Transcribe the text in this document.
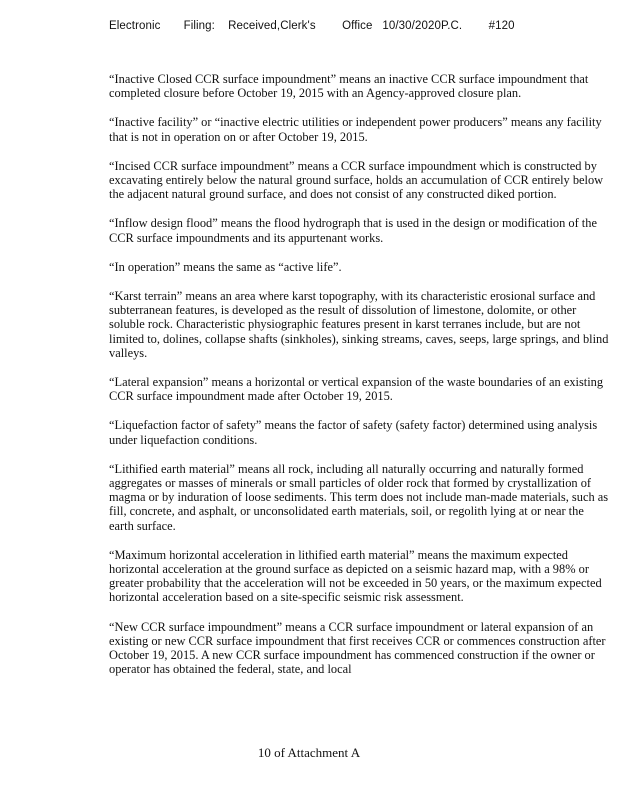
Electronic Filing: Received,Clerk's Office 10/30/2020P.C. #120

“Inactive Closed CCR surface impoundment” means an inactive CCR surface impoundment that completed closure before October 19, 2015 with an Agency-approved closure plan.

“Inactive facility” or “inactive electric utilities or independent power producers” means any facility that is not in operation on or after October 19, 2015.

“Incised CCR surface impoundment” means a CCR surface impoundment which is constructed by excavating entirely below the natural ground surface, holds an accumulation of CCR entirely below the adjacent natural ground surface, and does not consist of any constructed diked portion.

“Inflow design flood” means the flood hydrograph that is used in the design or modification of the CCR surface impoundments and its appurtenant works.

“In operation” means the same as “active life”.

“Karst terrain” means an area where karst topography, with its characteristic erosional surface and subterranean features, is developed as the result of dissolution of limestone, dolomite, or other soluble rock. Characteristic physiographic features present in karst terranes include, but are not limited to, dolines, collapse shafts (sinkholes), sinking streams, caves, seeps, large springs, and blind valleys.

“Lateral expansion” means a horizontal or vertical expansion of the waste boundaries of an existing CCR surface impoundment made after October 19, 2015.

“Liquefaction factor of safety” means the factor of safety (safety factor) determined using analysis under liquefaction conditions.

“Lithified earth material” means all rock, including all naturally occurring and naturally formed aggregates or masses of minerals or small particles of older rock that formed by crystallization of magma or by induration of loose sediments. This term does not include man-made materials, such as fill, concrete, and asphalt, or unconsolidated earth materials, soil, or regolith lying at or near the earth surface.

“Maximum horizontal acceleration in lithified earth material” means the maximum expected horizontal acceleration at the ground surface as depicted on a seismic hazard map, with a 98% or greater probability that the acceleration will not be exceeded in 50 years, or the maximum expected horizontal acceleration based on a site-specific seismic risk assessment.

“New CCR surface impoundment” means a CCR surface impoundment or lateral expansion of an existing or new CCR surface impoundment that first receives CCR or commences construction after October 19, 2015. A new CCR surface impoundment has commenced construction if the owner or operator has obtained the federal, state, and local

10 of Attachment A
